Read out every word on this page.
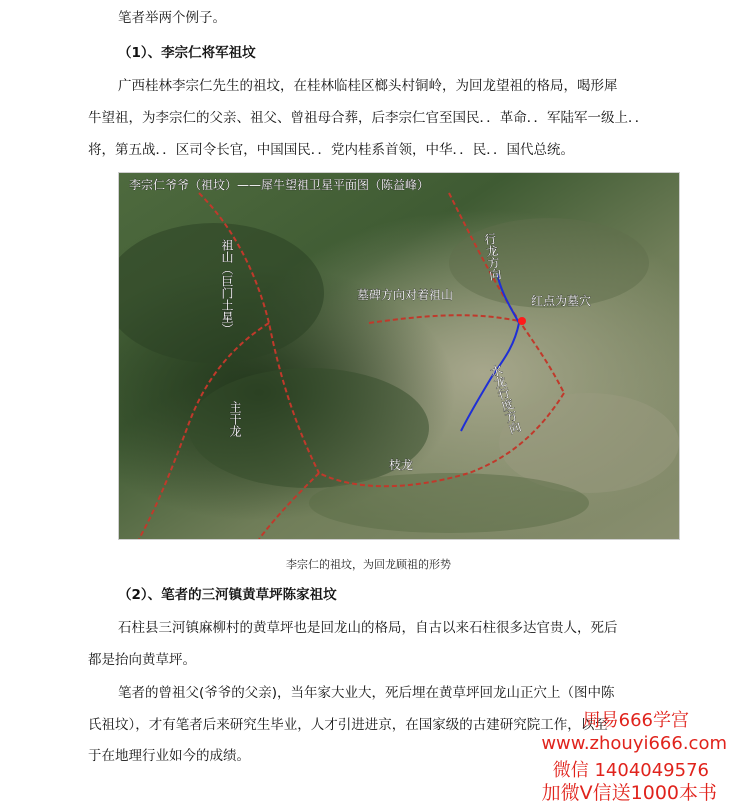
笔者举两个例子。
（1）、李宗仁将军祖坟
广西桂林李宗仁先生的祖坟，在桂林临桂区榔头村铜岭，为回龙望祖的格局，喝形犀
牛望祖，为李宗仁的父亲、祖父、曾祖母合葬，后李宗仁官至国民．．革命．．军陆军一级上．．
将，第五战．．区司令长官，中国国民．．党内桂系首领，中华．．民．．国代总统。
李宗仁爷爷（祖坟）——犀牛望祖卫星平面图（陈益峰）
祖山（巨门土星）
主干龙
行龙方向
墓碑方向对着祖山	红点为墓穴
水龙行度方向
枝龙
李宗仁的祖坟，为回龙顾祖的形势
（2）、笔者的三河镇黄草坪陈家祖坟
石柱县三河镇麻柳村的黄草坪也是回龙山的格局，自古以来石柱很多达官贵人，死后
都是抬向黄草坪。
笔者的曾祖父(爷爷的父亲)，当年家大业大，死后埋在黄草坪回龙山正穴上（图中陈
氏祖坟），才有笔者后来研究生毕业，人才引进进京，在国家级的古建研究院工作，以至
于在地理行业如今的成绩。
周易666学宫
www.zhouyi666.com
微信 1404049576
加微V信送1000本书
